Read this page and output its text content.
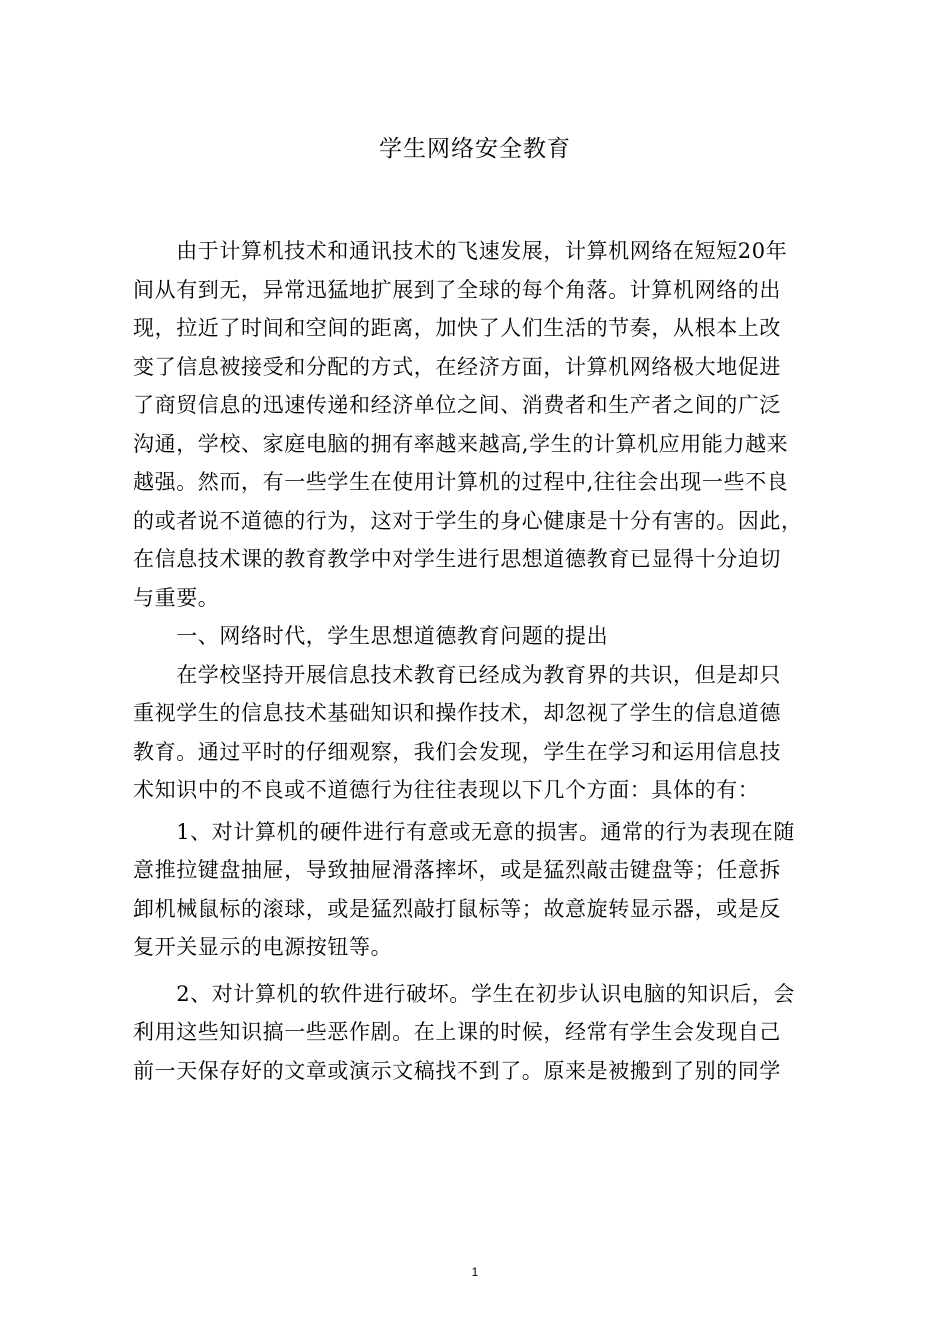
学生网络安全教育
　　由于计算机技术和通讯技术的飞速发展，计算机网络在短短20年
间从有到无，异常迅猛地扩展到了全球的每个角落。计算机网络的出
现，拉近了时间和空间的距离，加快了人们生活的节奏，从根本上改
变了信息被接受和分配的方式，在经济方面，计算机网络极大地促进
了商贸信息的迅速传递和经济单位之间、消费者和生产者之间的广泛
沟通，学校、家庭电脑的拥有率越来越高,学生的计算机应用能力越来
越强。然而，有一些学生在使用计算机的过程中,往往会出现一些不良
的或者说不道德的行为，这对于学生的身心健康是十分有害的。因此，
在信息技术课的教育教学中对学生进行思想道德教育已显得十分迫切
与重要。
　　一、网络时代，学生思想道德教育问题的提出
　　在学校坚持开展信息技术教育已经成为教育界的共识，但是却只
重视学生的信息技术基础知识和操作技术，却忽视了学生的信息道德
教育。通过平时的仔细观察，我们会发现，学生在学习和运用信息技
术知识中的不良或不道德行为往往表现以下几个方面：具体的有：
　　1、对计算机的硬件进行有意或无意的损害。通常的行为表现在随
意推拉键盘抽屉，导致抽屉滑落摔坏，或是猛烈敲击键盘等；任意拆
卸机械鼠标的滚球，或是猛烈敲打鼠标等；故意旋转显示器，或是反
复开关显示的电源按钮等。
　　2、对计算机的软件进行破坏。学生在初步认识电脑的知识后，会
利用这些知识搞一些恶作剧。在上课的时候，经常有学生会发现自己
前一天保存好的文章或演示文稿找不到了。原来是被搬到了别的同学
1
